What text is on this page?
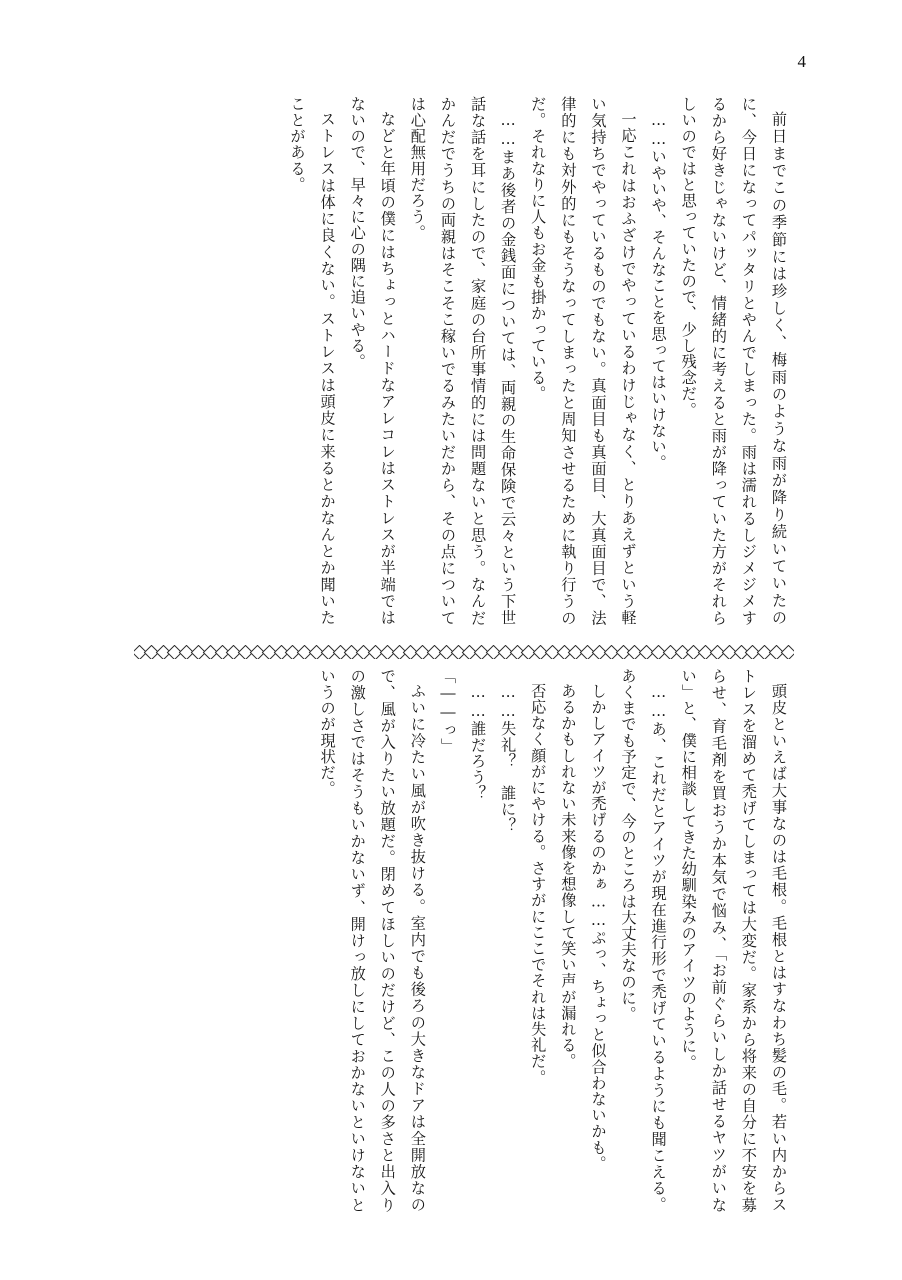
4
前日までこの季節には珍しく、梅雨のような雨が降り続いていたのに、今日になってパッタリとやんでしまった。雨は濡れるしジメジメするから好きじゃないけど、情緒的に考えると雨が降っていた方がそれらしいのではと思っていたので、少し残念だ。
……いやいや、そんなことを思ってはいけない。
一応これはおふざけでやっているわけじゃなく、とりあえずという軽い気持ちでやっているものでもない。真面目も真面目、大真面目で、法律的にも対外的にもそうなってしまったと周知させるために執り行うのだ。それなりに人もお金も掛かっている。
……まあ後者の金銭面については、両親の生命保険で云々という下世話な話を耳にしたので、家庭の台所事情的には問題ないと思う。なんだかんだでうちの両親はそこそこ稼いでるみたいだから、その点については心配無用だろう。
などと年頃の僕にはちょっとハードなアレコレはストレスが半端ではないので、早々に心の隅に追いやる。
ストレスは体に良くない。ストレスは頭皮に来るとかなんとか聞いたことがある。
頭皮といえば大事なのは毛根。毛根とはすなわち髪の毛。若い内からストレスを溜めて禿げてしまっては大変だ。家系から将来の自分に不安を募らせ、育毛剤を買おうか本気で悩み、「お前ぐらいしか話せるヤツがいない」と、僕に相談してきた幼馴染みのアイツのように。
……あ、これだとアイツが現在進行形で禿げているようにも聞こえる。あくまでも予定で、今のところは大丈夫なのに。
しかしアイツが禿げるのかぁ……ぷっ、ちょっと似合わないかも。
あるかもしれない未来像を想像して笑い声が漏れる。
否応なく顔がにやける。さすがにここでそれは失礼だ。
……失礼？　誰に？
……誰だろう？
「――っ」
ふいに冷たい風が吹き抜ける。室内でも後ろの大きなドアは全開放なので、風が入りたい放題だ。閉めてほしいのだけど、この人の多さと出入りの激しさではそうもいかないず、開けっ放しにしておかないといけないというのが現状だ。
